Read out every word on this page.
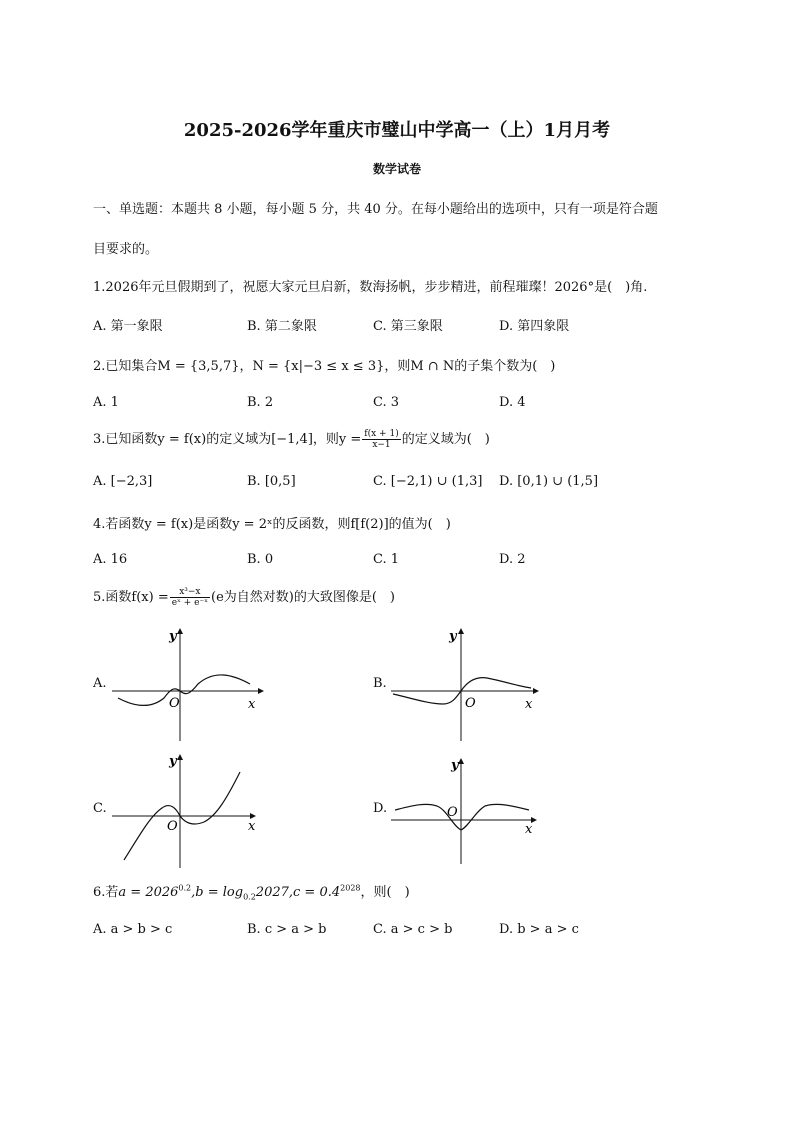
2025-2026学年重庆市璧山中学高一（上）1月月考
数学试卷
一、单选题：本题共 8 小题，每小题 5 分，共 40 分。在每小题给出的选项中，只有一项是符合题
目要求的。
1.2026年元旦假期到了，祝愿大家元旦启新，数海扬帆，步步精进，前程璀璨！2026°是(　)角.
A. 第一象限	B. 第二象限	C. 第三象限	D. 第四象限
2.已知集合M = {3,5,7}，N = {x|−3 ≤ x ≤ 3}，则M ∩ N的子集个数为(　)
A. 1	B. 2	C. 3	D. 4
3.已知函数y = f(x)的定义域为[−1,4]，则$y = \frac{f(x + 1)}{x-1}$ 的定义域为(　)
A. [−2,3]	B. [0,5]	C. [−2,1) ∪ (1,3] D. [0,1) ∪ (1,5]
4.若函数y = f(x)是函数y = 2ˣ的反函数，则f[f(2)]的值为(　)
A. 16	B. 0	C. 1	D. 2
5.函数$f(x) = \frac{\text{x³−x}}{\text{eˣ + e⁻ˣ}} (e$为自然对数)的大致图像是(　)
A.	B.
C.	D.
y
x
O
y
x
O
y
x
O
y
x
O
6.若$a = 2026^{0.2},b = \log_{0.2}2027,c = 0.4^{2028}$，则(　)
A. a > b > c	B. c > a > b	C. a > c > b	D. b > a > c
